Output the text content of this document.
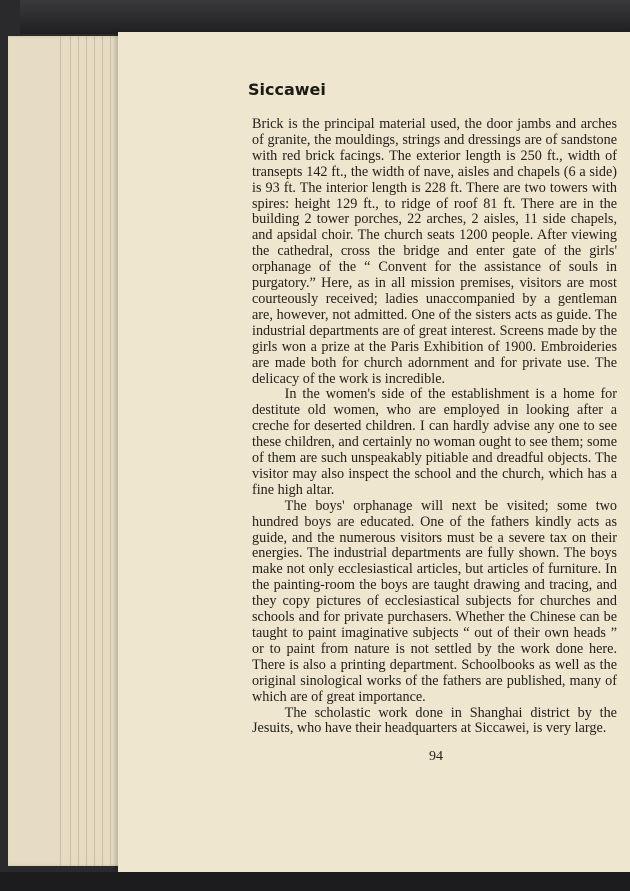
Siccawei

Brick is the principal material used, the door jambs and arches of granite, the mouldings, strings and dressings are of sandstone with red brick facings. The exterior length is 250 ft., width of transepts 142 ft., the width of nave, aisles and chapels (6 a side) is 93 ft. The interior length is 228 ft. There are two towers with spires: height 129 ft., to ridge of roof 81 ft. There are in the building 2 tower porches, 22 arches, 2 aisles, 11 side chapels, and apsidal choir. The church seats 1200 people. After viewing the cathedral, cross the bridge and enter gate of the girls' orphanage of the “ Convent for the assistance of souls in purgatory.” Here, as in all mission premises, visitors are most courteously received; ladies unaccompanied by a gentleman are, however, not admitted. One of the sisters acts as guide. The industrial departments are of great interest. Screens made by the girls won a prize at the Paris Exhibition of 1900. Embroideries are made both for church adornment and for private use. The delicacy of the work is incredible.

In the women's side of the establishment is a home for destitute old women, who are employed in looking after a creche for deserted children. I can hardly advise any one to see these children, and certainly no woman ought to see them; some of them are such unspeakably pitiable and dreadful objects. The visitor may also inspect the school and the church, which has a fine high altar.

The boys' orphanage will next be visited; some two hundred boys are educated. One of the fathers kindly acts as guide, and the numerous visitors must be a severe tax on their energies. The industrial departments are fully shown. The boys make not only ecclesiastical articles, but articles of furniture. In the painting-room the boys are taught drawing and tracing, and they copy pictures of ecclesiastical subjects for churches and schools and for private purchasers. Whether the Chinese can be taught to paint imaginative subjects “ out of their own heads ” or to paint from nature is not settled by the work done here. There is also a printing department. Schoolbooks as well as the original sinological works of the fathers are published, many of which are of great importance.

The scholastic work done in Shanghai district by the Jesuits, who have their headquarters at Siccawei, is very large.

94
